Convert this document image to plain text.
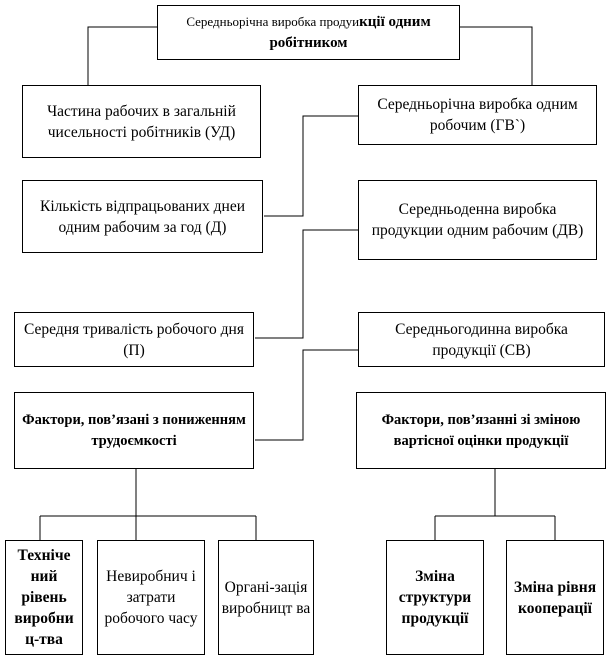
Середньорічна виробка продуикції одним
робітником
Частина рабочих в загальній чисельності робітників (УД)
Кількість відпрацьованих днеи одним рабочим за год (Д)
Середня тривалість робочого дня (П)
Фактори, пов’язані з пониженням трудоємкості
Середньорічна виробка одним робочим (ГВ`)
Середньоденна виробка продукции одним рабочим (ДВ)
Середньогодинна виробка продукції (СВ)
Фактори, пов’язанні зі зміною вартісної оцінки продукції
Техніче ний рівень виробни ц-тва
Невиробнич і затрати робочого часу
Органі-зація виробницт ва
Зміна структури продукції
Зміна рівня кооперації
